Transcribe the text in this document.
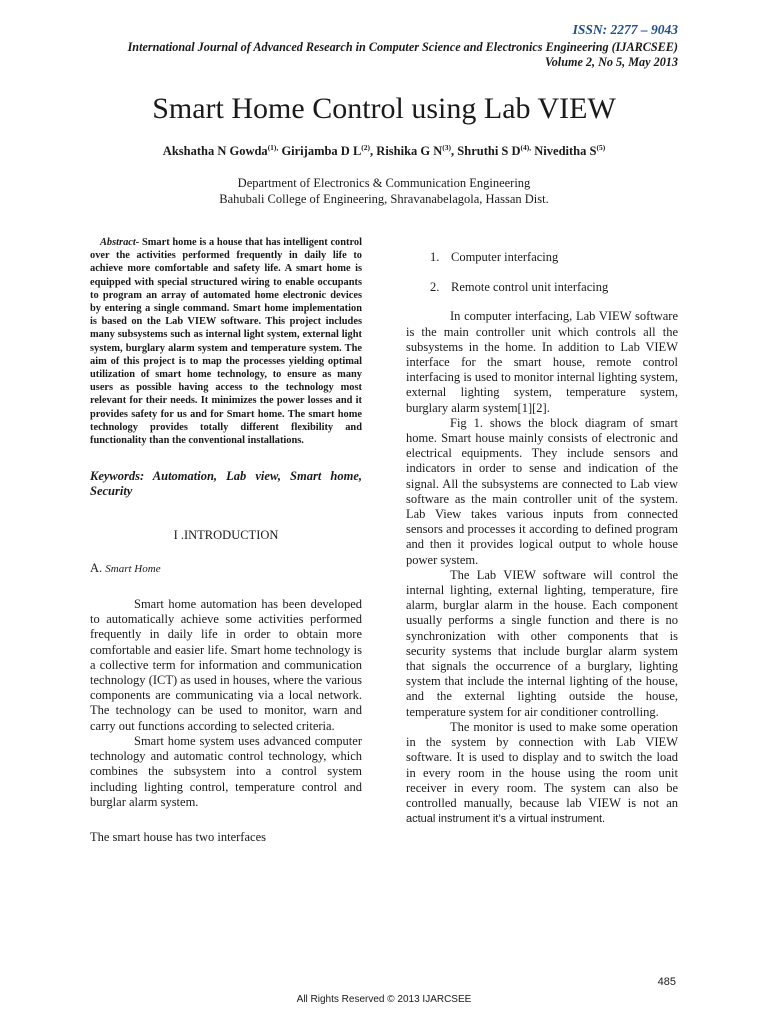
ISSN: 2277 – 9043
International Journal of Advanced Research in Computer Science and Electronics Engineering (IJARCSEE)
Volume 2, No 5, May 2013
Smart Home Control using Lab VIEW
Akshatha N Gowda$^{(1),}$ Girijamba D $L^{(2)}$, Rishika G $N^{(3)}$, Shruthi S $D^{(4),}$ Niveditha $S^{(5)}$
Department of Electronics & Communication Engineering
Bahubali College of Engineering, Shravanabelagola, Hassan Dist.

Abstract- Smart home is a house that has intelligent control over the activities performed frequently in daily life to achieve more comfortable and safety life. A smart home is equipped with special structured wiring to enable occupants to program an array of automated home electronic devices by entering a single command. Smart home implementation is based on the Lab VIEW software. This project includes many subsystems such as internal light system, external light system, burglary alarm system and temperature system. The aim of this project is to map the processes yielding optimal utilization of smart home technology, to ensure as many users as possible having access to the technology most relevant for their needs. It minimizes the power losses and it provides safety for us and for Smart home. The smart home technology provides totally different flexibility and functionality than the conventional installations.

Keywords: Automation, Lab view, Smart home, Security

I .INTRODUCTION

A. Smart Home

Smart home automation has been developed to automatically achieve some activities performed frequently in daily life in order to obtain more comfortable and easier life. Smart home technology is a collective term for information and communication technology (ICT) as used in houses, where the various components are communicating via a local network. The technology can be used to monitor, warn and carry out functions according to selected criteria.

Smart home system uses advanced computer technology and automatic control technology, which combines the subsystem into a control system including lighting control, temperature control and burglar alarm system.

The smart house has two interfaces

1. Computer interfacing
2. Remote control unit interfacing

In computer interfacing, Lab VIEW software is the main controller unit which controls all the subsystems in the home. In addition to Lab VIEW interface for the smart house, remote control interfacing is used to monitor internal lighting system, external lighting system, temperature system, burglary alarm system[1][2].

Fig 1. shows the block diagram of smart home. Smart house mainly consists of electronic and electrical equipments. They include sensors and indicators in order to sense and indication of the signal. All the subsystems are connected to Lab view software as the main controller unit of the system. Lab View takes various inputs from connected sensors and processes it according to defined program and then it provides logical output to whole house power system.

The Lab VIEW software will control the internal lighting, external lighting, temperature, fire alarm, burglar alarm in the house. Each component usually performs a single function and there is no synchronization with other components that is security systems that include burglar alarm system that signals the occurrence of a burglary, lighting system that include the internal lighting of the house, and the external lighting outside the house, temperature system for air conditioner controlling.

The monitor is used to make some operation in the system by connection with Lab VIEW software. It is used to display and to switch the load in every room in the house using the room unit receiver in every room. The system can also be controlled manually, because lab VIEW is not an actual instrument it’s a virtual instrument.

485
All Rights Reserved © 2013 IJARCSEE
